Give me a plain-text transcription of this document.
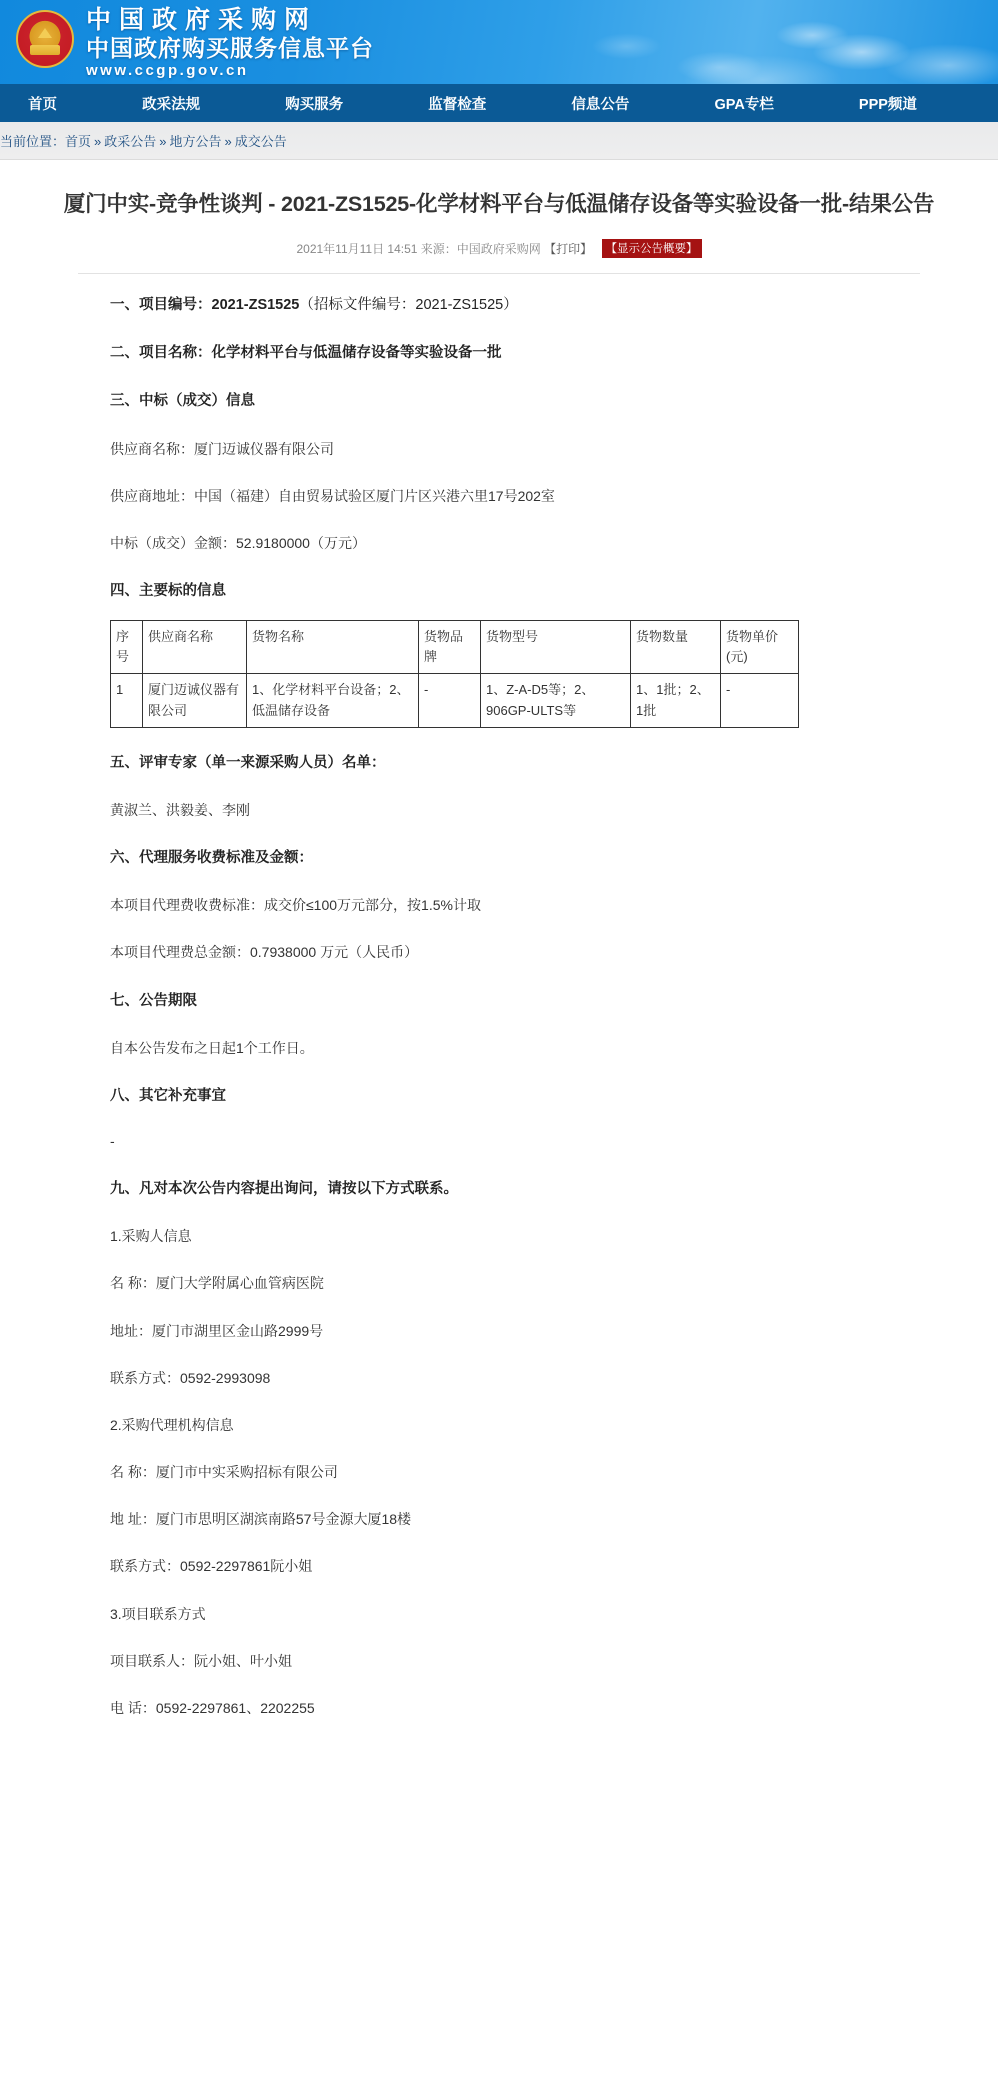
中国政府采购网
中国政府购买服务信息平台
www.ccgp.gov.cn
首页	政采法规	购买服务	监督检查	信息公告	GPA专栏	PPP频道
当前位置：首页 » 政采公告 » 地方公告 » 成交公告
厦门中实-竞争性谈判 - 2021-ZS1525-化学材料平台与低温储存设备等实验设备一批-结果公告
2021年11月11日 14:51 来源：中国政府采购网 【打印】 【显示公告概要】

一、项目编号：2021-ZS1525（招标文件编号：2021-ZS1525）

二、项目名称：化学材料平台与低温储存设备等实验设备一批

三、中标（成交）信息

供应商名称：厦门迈诚仪器有限公司

供应商地址：中国（福建）自由贸易试验区厦门片区兴港六里17号202室

中标（成交）金额：52.9180000（万元）

四、主要标的信息

序号	供应商名称	货物名称	货物品牌	货物型号	货物数量	货物单价(元)
1	厦门迈诚仪器有限公司	1、化学材料平台设备；2、低温储存设备	-	1、Z-A-D5等；2、906GP-ULTS等	1、1批；2、1批	-

五、评审专家（单一来源采购人员）名单：

黄淑兰、洪毅姜、李刚

六、代理服务收费标准及金额：

本项目代理费收费标准：成交价≤100万元部分，按1.5%计取

本项目代理费总金额：0.7938000 万元（人民币）

七、公告期限

自本公告发布之日起1个工作日。

八、其它补充事宜

-

九、凡对本次公告内容提出询问，请按以下方式联系。

1.采购人信息

名 称：厦门大学附属心血管病医院

地址：厦门市湖里区金山路2999号

联系方式：0592-2993098

2.采购代理机构信息

名 称：厦门市中实采购招标有限公司

地 址：厦门市思明区湖滨南路57号金源大厦18楼

联系方式：0592-2297861阮小姐

3.项目联系方式

项目联系人：阮小姐、叶小姐

电 话：0592-2297861、2202255
